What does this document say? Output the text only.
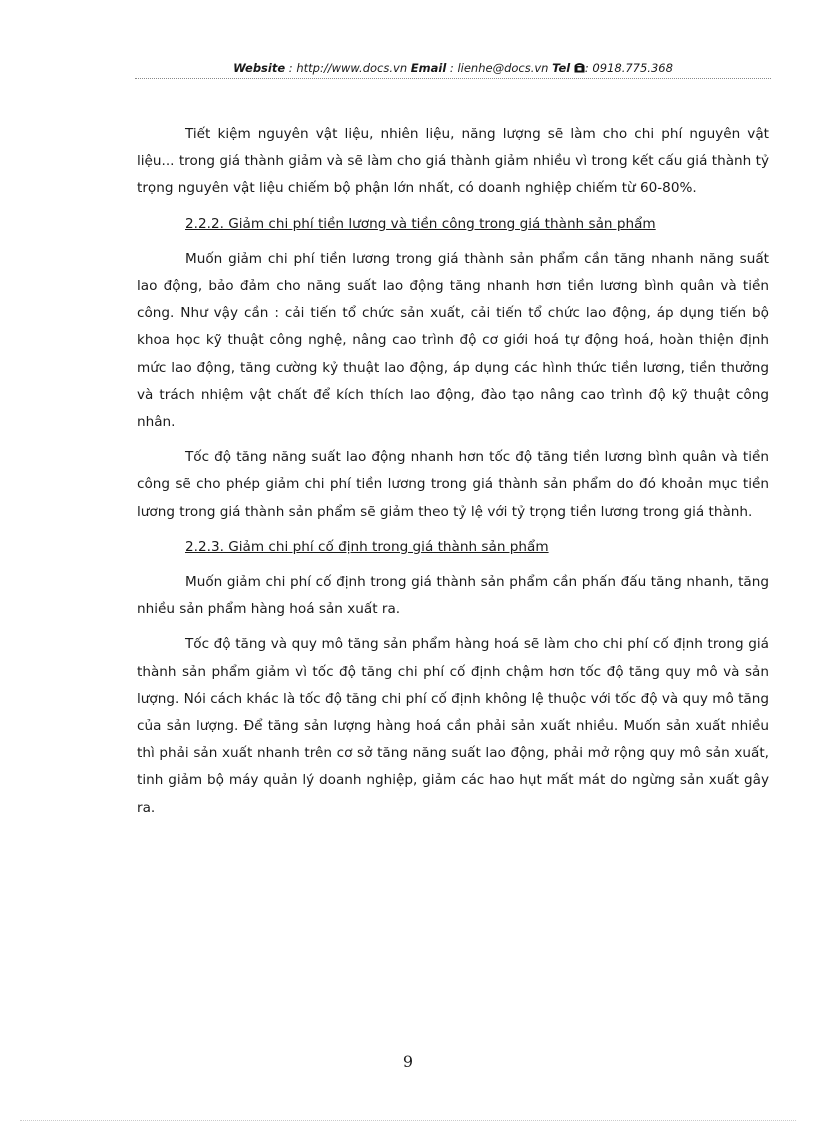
Website : http://www.docs.vn Email : lienhe@docs.vn Tel : 0918.775.368

Tiết kiệm nguyên vật liệu, nhiên liệu, năng lượng sẽ làm cho chi phí nguyên vật liệu... trong giá thành giảm và sẽ làm cho giá thành giảm nhiều vì trong kết cấu giá thành tỷ trọng nguyên vật liệu chiếm bộ phận lớn nhất, có doanh nghiệp chiếm từ 60-80%.

2.2.2. Giảm chi phí tiền lương và tiền công trong giá thành sản phẩm

Muốn giảm chi phí tiền lương trong giá thành sản phẩm cần tăng nhanh năng suất lao động, bảo đảm cho năng suất lao động tăng nhanh hơn tiền lương bình quân và tiền công. Như vậy cần : cải tiến tổ chức sản xuất, cải tiến tổ chức lao động, áp dụng tiến bộ khoa học kỹ thuật công nghệ, nâng cao trình độ cơ giới hoá tự động hoá, hoàn thiện định mức lao động, tăng cường kỷ thuật lao động, áp dụng các hình thức tiền lương, tiền thưởng và trách nhiệm vật chất để kích thích lao động, đào tạo nâng cao trình độ kỹ thuật công nhân.

Tốc độ tăng năng suất lao động nhanh hơn tốc độ tăng tiền lương bình quân và tiền công sẽ cho phép giảm chi phí tiền lương trong giá thành sản phẩm do đó khoản mục tiền lương trong giá thành sản phẩm sẽ giảm theo tỷ lệ với tỷ trọng tiền lương trong giá thành.

2.2.3. Giảm chi phí cố định trong giá thành sản phẩm

Muốn giảm chi phí cố định trong giá thành sản phẩm cần phấn đấu tăng nhanh, tăng nhiều sản phẩm hàng hoá sản xuất ra.

Tốc độ tăng và quy mô tăng sản phẩm hàng hoá sẽ làm cho chi phí cố định trong giá thành sản phẩm giảm vì tốc độ tăng chi phí cố định chậm hơn tốc độ tăng quy mô và sản lượng. Nói cách khác là tốc độ tăng chi phí cố định không lệ thuộc với tốc độ và quy mô tăng của sản lượng. Để tăng sản lượng hàng hoá cần phải sản xuất nhiều. Muốn sản xuất nhiều thì phải sản xuất nhanh trên cơ sở tăng năng suất lao động, phải mở rộng quy mô sản xuất, tinh giảm bộ máy quản lý doanh nghiệp, giảm các hao hụt mất mát do ngừng sản xuất gây ra.

9
